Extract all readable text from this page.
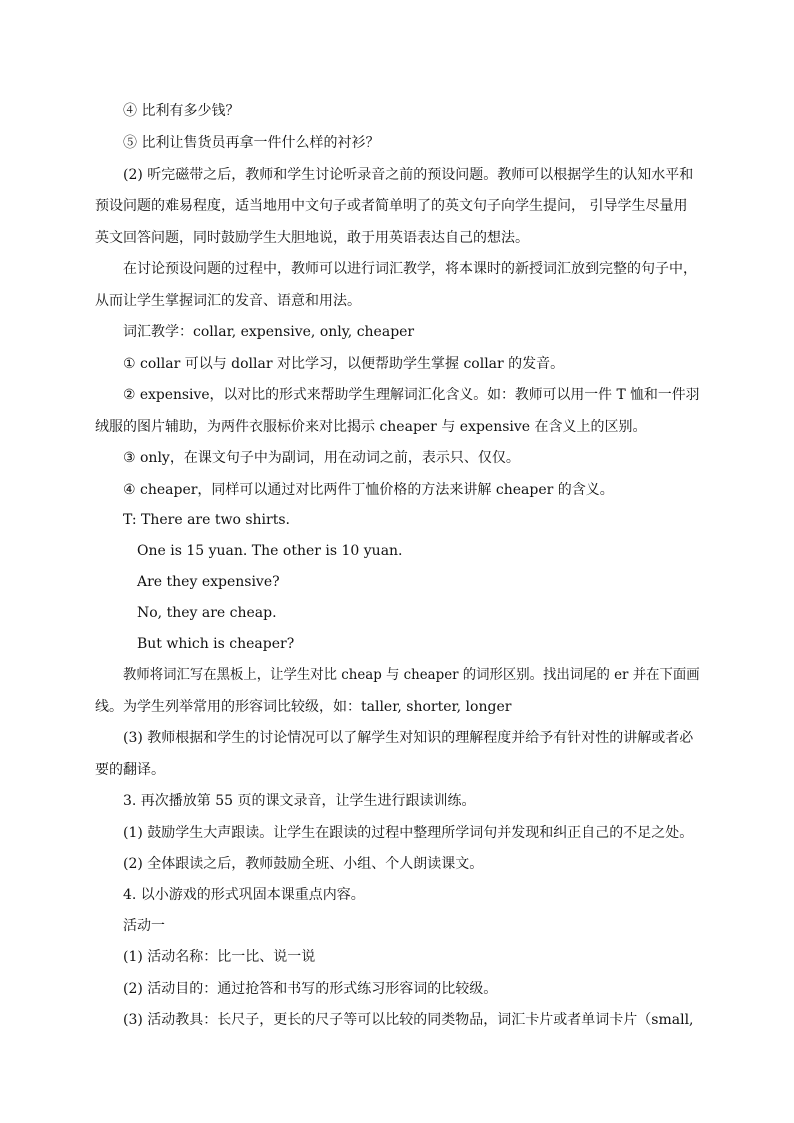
④ 比利有多少钱？
⑤ 比利让售货员再拿一件什么样的衬衫？
(2) 听完磁带之后，教师和学生讨论听录音之前的预设问题。教师可以根据学生的认知水平和
预设问题的难易程度，适当地用中文句子或者简单明了的英文句子向学生提问， 引导学生尽量用
英文回答问题，同时鼓励学生大胆地说，敢于用英语表达自己的想法。
在讨论预设问题的过程中，教师可以进行词汇教学，将本课时的新授词汇放到完整的句子中，
从而让学生掌握词汇的发音、语意和用法。
词汇教学：collar, expensive, only, cheaper
① collar 可以与 dollar 对比学习，以便帮助学生掌握 collar 的发音。
② expensive，以对比的形式来帮助学生理解词汇化含义。如：教师可以用一件 T 恤和一件羽
绒服的图片辅助，为两件衣服标价来对比揭示 cheaper 与 expensive 在含义上的区别。
③ only，在课文句子中为副词，用在动词之前，表示只、仅仅。
④ cheaper，同样可以通过对比两件丁恤价格的方法来讲解 cheaper 的含义。
T: There are two shirts.
One is 15 yuan. The other is 10 yuan.
Are they expensive?
No, they are cheap.
But which is cheaper?
教师将词汇写在黑板上，让学生对比 cheap 与 cheaper 的词形区别。找出词尾的 er 并在下面画
线。为学生列举常用的形容词比较级，如：taller, shorter, longer
(3) 教师根据和学生的讨论情况可以了解学生对知识的理解程度并给予有针对性的讲解或者必
要的翻译。
3. 再次播放第 55 页的课文录音，让学生进行跟读训练。
(1) 鼓励学生大声跟读。让学生在跟读的过程中整理所学词句并发现和纠正自己的不足之处。
(2) 全体跟读之后，教师鼓励全班、小组、个人朗读课文。
4. 以小游戏的形式巩固本课重点内容。
活动一
(1) 活动名称：比一比、说一说
(2) 活动目的：通过抢答和书写的形式练习形容词的比较级。
(3) 活动教具：长尺子，更长的尺子等可以比较的同类物品，词汇卡片或者单词卡片（small,
